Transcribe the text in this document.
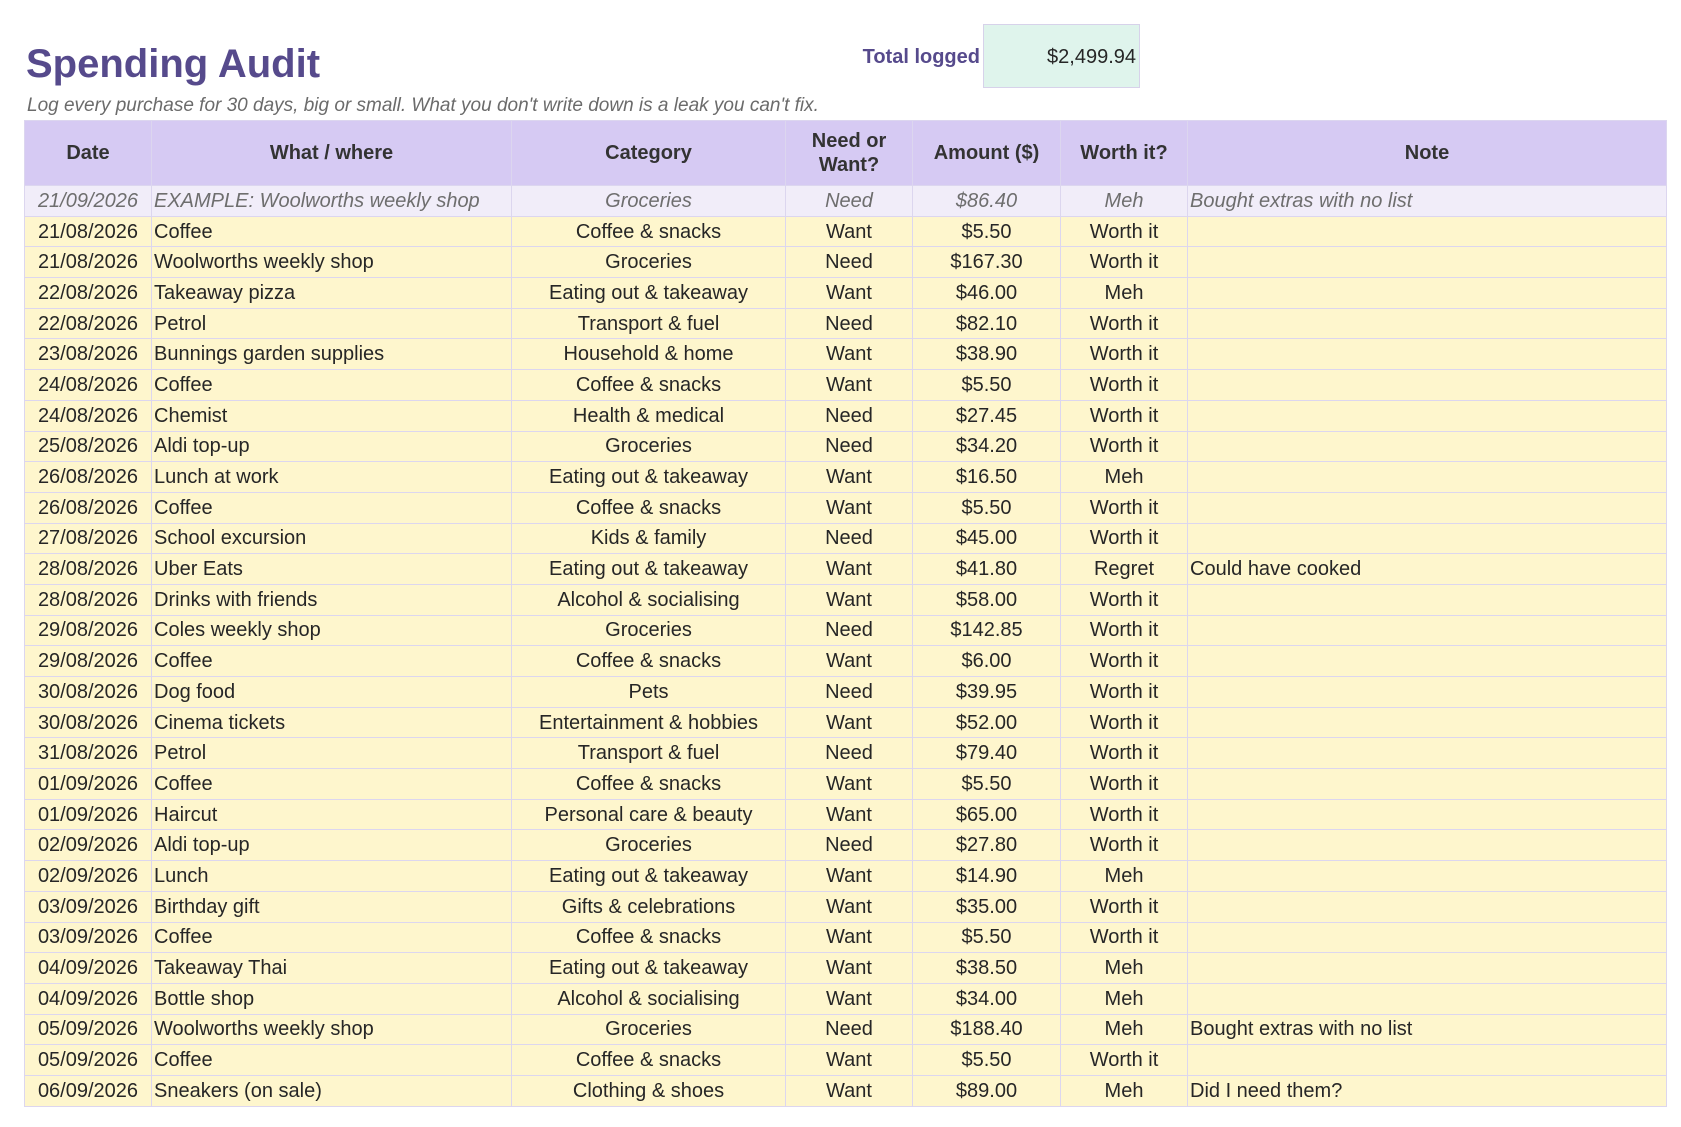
Spending Audit
Log every purchase for 30 days, big or small. What you don't write down is a leak you can't fix.
Total logged	$2,499.94
Date	What / where	Category	Need or Want?	Amount ($)	Worth it?	Note
21/09/2026	EXAMPLE: Woolworths weekly shop	Groceries	Need	$86.40	Meh	Bought extras with no list
21/08/2026	Coffee	Coffee & snacks	Want	$5.50	Worth it	
21/08/2026	Woolworths weekly shop	Groceries	Need	$167.30	Worth it	
22/08/2026	Takeaway pizza	Eating out & takeaway	Want	$46.00	Meh	
22/08/2026	Petrol	Transport & fuel	Need	$82.10	Worth it	
23/08/2026	Bunnings garden supplies	Household & home	Want	$38.90	Worth it	
24/08/2026	Coffee	Coffee & snacks	Want	$5.50	Worth it	
24/08/2026	Chemist	Health & medical	Need	$27.45	Worth it	
25/08/2026	Aldi top-up	Groceries	Need	$34.20	Worth it	
26/08/2026	Lunch at work	Eating out & takeaway	Want	$16.50	Meh	
26/08/2026	Coffee	Coffee & snacks	Want	$5.50	Worth it	
27/08/2026	School excursion	Kids & family	Need	$45.00	Worth it	
28/08/2026	Uber Eats	Eating out & takeaway	Want	$41.80	Regret	Could have cooked
28/08/2026	Drinks with friends	Alcohol & socialising	Want	$58.00	Worth it	
29/08/2026	Coles weekly shop	Groceries	Need	$142.85	Worth it	
29/08/2026	Coffee	Coffee & snacks	Want	$6.00	Worth it	
30/08/2026	Dog food	Pets	Need	$39.95	Worth it	
30/08/2026	Cinema tickets	Entertainment & hobbies	Want	$52.00	Worth it	
31/08/2026	Petrol	Transport & fuel	Need	$79.40	Worth it	
01/09/2026	Coffee	Coffee & snacks	Want	$5.50	Worth it	
01/09/2026	Haircut	Personal care & beauty	Want	$65.00	Worth it	
02/09/2026	Aldi top-up	Groceries	Need	$27.80	Worth it	
02/09/2026	Lunch	Eating out & takeaway	Want	$14.90	Meh	
03/09/2026	Birthday gift	Gifts & celebrations	Want	$35.00	Worth it	
03/09/2026	Coffee	Coffee & snacks	Want	$5.50	Worth it	
04/09/2026	Takeaway Thai	Eating out & takeaway	Want	$38.50	Meh	
04/09/2026	Bottle shop	Alcohol & socialising	Want	$34.00	Meh	
05/09/2026	Woolworths weekly shop	Groceries	Need	$188.40	Meh	Bought extras with no list
05/09/2026	Coffee	Coffee & snacks	Want	$5.50	Worth it	
06/09/2026	Sneakers (on sale)	Clothing & shoes	Want	$89.00	Meh	Did I need them?
